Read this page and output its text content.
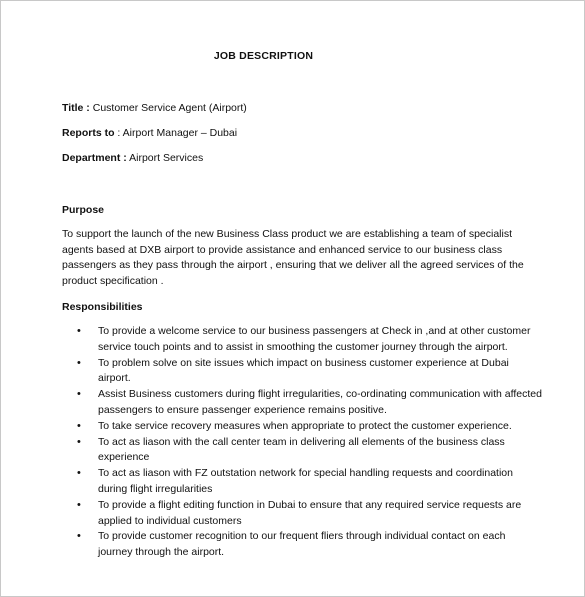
JOB DESCRIPTION
Title : Customer Service Agent (Airport)
Reports to : Airport Manager – Dubai
Department : Airport Services
Purpose
To support the launch of the new Business Class product we are establishing a team of specialist agents based at DXB airport to provide assistance and enhanced service to our business class passengers as they pass through the airport , ensuring that we deliver all the agreed services of the product specification .
Responsibilities
• To provide a welcome service to our business passengers at Check in ,and at other customer service touch points and to assist in smoothing the customer journey through the airport.
• To problem solve on site issues which impact on business customer experience at Dubai airport.
• Assist Business customers during flight irregularities, co-ordinating communication with affected passengers to ensure passenger experience remains positive.
• To take service recovery measures when appropriate to protect the customer experience.
• To act as liason with the call center team in delivering all elements of the business class experience
• To act as liason with FZ outstation network for special handling requests and coordination during flight irregularities
• To provide a flight editing function in Dubai to ensure that any required service requests are applied to individual customers
• To provide customer recognition to our frequent fliers through individual contact on each journey through the airport.
